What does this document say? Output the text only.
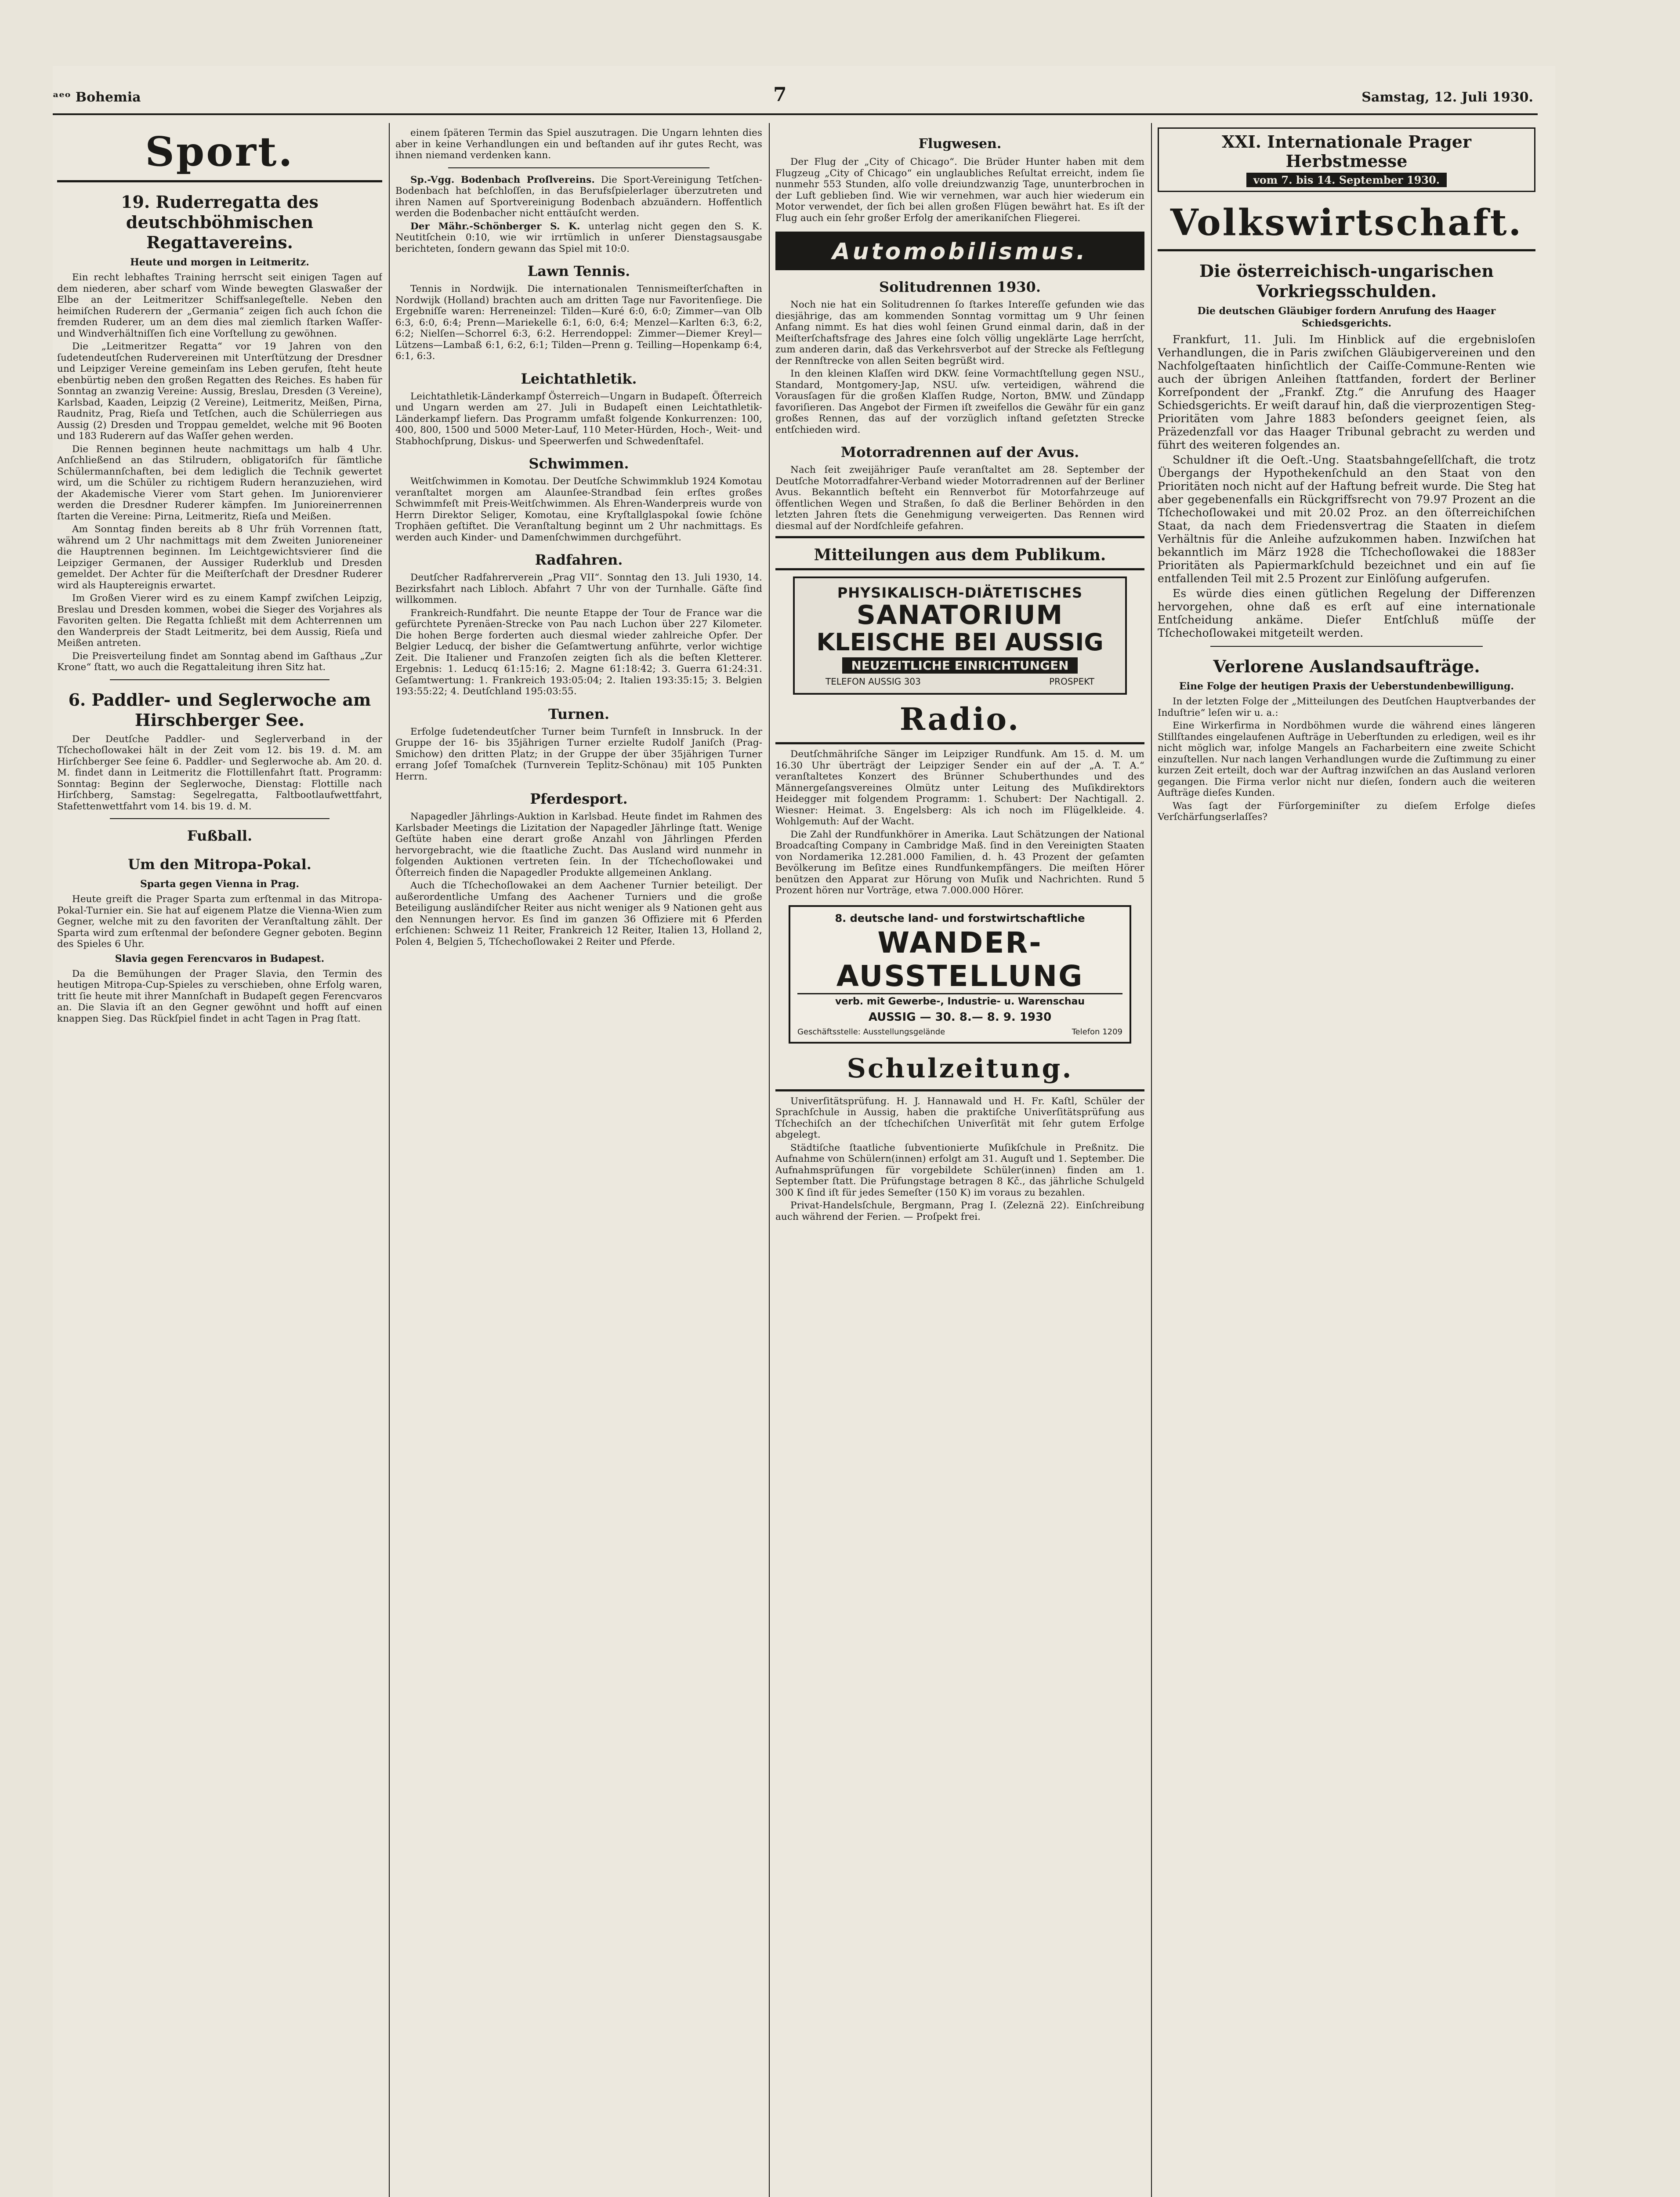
ᵃᵉᵒ Bohemia	7	Samstag, 12. Juli 1930.
Sport.
19. Ruderregatta des deutschböhmischen Regattavereins.
Heute und morgen in Leitmeritz.

Ein recht lebhaftes Training herrscht seit einigen Tagen auf dem niederen, aber scharf vom Winde bewegten Glaswaßer der Elbe an der Leitmeritzer Schiffsanlegeſtelle. Neben den heimiſchen Ruderern der „Germania“ zeigen ſich auch ſchon die fremden Ruderer, um an dem dies mal ziemlich ſtarken Waſſer- und Windverhältniſſen ſich eine Vorſtellung zu gewöhnen.

Die „Leitmeritzer Regatta“ vor 19 Jahren von den ſudetendeutſchen Rudervereinen mit Unterſtützung der Dresdner und Leipziger Vereine gemeinſam ins Leben gerufen, ſteht heute ebenbürtig neben den großen Regatten des Reiches. Es haben für Sonntag an zwanzig Vereine: Aussig, Breslau, Dresden (3 Vereine), Karlsbad, Kaaden, Leipzig (2 Vereine), Leitmeritz, Meißen, Pirna, Raudnitz, Prag, Rieſa und Tetſchen, auch die Schülerriegen aus Aussig (2) Dresden und Troppau gemeldet, welche mit 96 Booten und 183 Ruderern auf das Waſſer gehen werden.

Die Rennen beginnen heute nachmittags um halb 4 Uhr. Anſchließend an das Stilrudern, obligatoriſch für ſämtliche Schülermannſchaften, bei dem lediglich die Technik gewertet wird, um die Schüler zu richtigem Rudern heranzuziehen, wird der Akademische Vierer vom Start gehen. Im Juniorenvierer werden die Dresdner Ruderer kämpfen. Im Junioreinerrennen ſtarten die Vereine: Pirna, Leitmeritz, Rieſa und Meißen.

Am Sonntag finden bereits ab 8 Uhr früh Vorrennen ſtatt, während um 2 Uhr nachmittags mit dem Zweiten Junioreneiner die Hauptrennen beginnen. Im Leichtgewichtsvierer ſind die Leipziger Germanen, der Aussiger Ruderklub und Dresden gemeldet. Der Achter für die Meiſterſchaft der Dresdner Ruderer wird als Hauptereignis erwartet.

Im Großen Vierer wird es zu einem Kampf zwiſchen Leipzig, Breslau und Dresden kommen, wobei die Sieger des Vorjahres als Favoriten gelten. Die Regatta ſchließt mit dem Achterrennen um den Wanderpreis der Stadt Leitmeritz, bei dem Aussig, Rieſa und Meißen antreten.

Die Preisverteilung findet am Sonntag abend im Gaſthaus „Zur Krone“ ſtatt, wo auch die Regattaleitung ihren Sitz hat.

6. Paddler- und Seglerwoche am Hirschberger See.

Der Deutſche Paddler- und Seglerverband in der Tſchechoſlowakei hält in der Zeit vom 12. bis 19. d. M. am Hirſchberger See ſeine 6. Paddler- und Seglerwoche ab. Am 20. d. M. findet dann in Leitmeritz die Flottillenfahrt ſtatt. Programm: Sonntag: Beginn der Seglerwoche, Dienstag: Flottille nach Hirſchberg, Samstag: Segelregatta, Faltbootlaufwettfahrt, Stafettenwettfahrt vom 14. bis 19. d. M.

Fußball.
Um den Mitropa-Pokal.
Sparta gegen Vienna in Prag.

Heute greift die Prager Sparta zum erſtenmal in das Mitropa-Pokal-Turnier ein. Sie hat auf eigenem Platze die Vienna-Wien zum Gegner, welche mit zu den favoriten der Veranſtaltung zählt. Der Sparta wird zum erſtenmal der beſondere Gegner geboten. Beginn des Spieles 6 Uhr.

Slavia gegen Ferencvaros in Budapest.

Da die Bemühungen der Prager Slavia, den Termin des heutigen Mitropa-Cup-Spieles zu verschieben, ohne Erfolg waren, tritt ſie heute mit ihrer Mannſchaft in Budapeſt gegen Ferencvaros an. Die Slavia iſt an den Gegner gewöhnt und hofft auf einen knappen Sieg. Das Rückſpiel findet in acht Tagen in Prag ſtatt.

einem ſpäteren Termin das Spiel auszutragen. Die Ungarn lehnten dies aber in keine Verhandlungen ein und beſtanden auf ihr gutes Recht, was ihnen niemand verdenken kann.

Sp.-Vgg. Bodenbach Proſlvereins. Die Sport-Vereinigung Tetſchen-Bodenbach hat beſchloſſen, in das Berufsſpielerlager überzutreten und ihren Namen auf Sportvereinigung Bodenbach abzuändern. Hoffentlich werden die Bodenbacher nicht enttäuſcht werden.

Der Mähr.-Schönberger S. K. unterlag nicht gegen den S. K. Neutitſchein 0:10, wie wir irrtümlich in unſerer Dienstagsausgabe berichteten, ſondern gewann das Spiel mit 10:0.

Lawn Tennis.

Tennis in Nordwijk. Die internationalen Tennismeiſterſchaften in Nordwijk (Holland) brachten auch am dritten Tage nur Favoritenſiege. Die Ergebniſſe waren: Herreneinzel: Tilden—Kuré 6:0, 6:0; Zimmer—van Olb 6:3, 6:0, 6:4; Prenn—Mariekelle 6:1, 6:0, 6:4; Menzel—Karlten 6:3, 6:2, 6:2; Nielſen—Schorrel 6:3, 6:2. Herrendoppel: Zimmer—Diemer Kreyl—Lützens—Lambaß 6:1, 6:2, 6:1; Tilden—Prenn g. Teilling—Hopenkamp 6:4, 6:1, 6:3.

Leichtathletik.

Leichtathletik-Länderkampf Österreich—Ungarn in Budapeſt. Öſterreich und Ungarn werden am 27. Juli in Budapeſt einen Leichtathletik-Länderkampf liefern. Das Programm umfaßt folgende Konkurrenzen: 100, 400, 800, 1500 und 5000 Meter-Lauf, 110 Meter-Hürden, Hoch-, Weit- und Stabhochſprung, Diskus- und Speerwerfen und Schwedenſtafel.

Schwimmen.

Weitſchwimmen in Komotau. Der Deutſche Schwimmklub 1924 Komotau veranſtaltet morgen am Alaunſee-Strandbad ſein erſtes großes Schwimmfeſt mit Preis-Weitſchwimmen. Als Ehren-Wanderpreis wurde von Herrn Direktor Seliger, Komotau, eine Kryſtallglaspokal ſowie ſchöne Trophäen geſtiftet. Die Veranſtaltung beginnt um 2 Uhr nachmittags. Es werden auch Kinder- und Damenſchwimmen durchgeführt.

Radfahren.

Deutſcher Radfahrerverein „Prag VII“. Sonntag den 13. Juli 1930, 14. Bezirksfahrt nach Libloch. Abfahrt 7 Uhr von der Turnhalle. Gäſte ſind willkommen.

Frankreich-Rundfahrt. Die neunte Etappe der Tour de France war die gefürchtete Pyrenäen-Strecke von Pau nach Luchon über 227 Kilometer. Die hohen Berge forderten auch diesmal wieder zahlreiche Opfer. Der Belgier Leducq, der bisher die Geſamtwertung anführte, verlor wichtige Zeit. Die Italiener und Franzoſen zeigten ſich als die beſten Kletterer. Ergebnis: 1. Leducq 61:15:16; 2. Magne 61:18:42; 3. Guerra 61:24:31. Geſamtwertung: 1. Frankreich 193:05:04; 2. Italien 193:35:15; 3. Belgien 193:55:22; 4. Deutſchland 195:03:55.

Turnen.

Erfolge ſudetendeutſcher Turner beim Turnfeſt in Innsbruck. In der Gruppe der 16- bis 35jährigen Turner erzielte Rudolf Janiſch (Prag-Smichow) den dritten Platz; in der Gruppe der über 35jährigen Turner errang Joſef Tomaſchek (Turnverein Teplitz-Schönau) mit 105 Punkten Herrn.

Pferdesport.

Napagedler Jährlings-Auktion in Karlsbad. Heute findet im Rahmen des Karlsbader Meetings die Lizitation der Napagedler Jährlinge ſtatt. Wenige Geſtüte haben eine derart große Anzahl von Jährlingen Pferden hervorgebracht, wie die ſtaatliche Zucht. Das Ausland wird nunmehr in folgenden Auktionen vertreten ſein. In der Tſchechoſlowakei und Öſterreich finden die Napagedler Produkte allgemeinen Anklang.

Auch die Tſchechoſlowakei an dem Aachener Turnier beteiligt. Der außerordentliche Umfang des Aachener Turniers und die große Beteiligung ausländiſcher Reiter aus nicht weniger als 9 Nationen geht aus den Nennungen hervor. Es ſind im ganzen 36 Offiziere mit 6 Pferden erſchienen: Schweiz 11 Reiter, Frankreich 12 Reiter, Italien 13, Holland 2, Polen 4, Belgien 5, Tſchechoſlowakei 2 Reiter und Pferde.

Flugwesen.

Der Flug der „City of Chicago“. Die Brüder Hunter haben mit dem Flugzeug „City of Chicago“ ein unglaubliches Reſultat erreicht, indem ſie nunmehr 553 Stunden, alſo volle dreiundzwanzig Tage, ununterbrochen in der Luft geblieben ſind. Wie wir vernehmen, war auch hier wiederum ein Motor verwendet, der ſich bei allen großen Flügen bewährt hat. Es iſt der Flug auch ein ſehr großer Erfolg der amerikaniſchen Fliegerei.

Automobilismus.
Solitudrennen 1930.

Noch nie hat ein Solitudrennen ſo ſtarkes Intereſſe gefunden wie das diesjährige, das am kommenden Sonntag vormittag um 9 Uhr ſeinen Anfang nimmt. Es hat dies wohl ſeinen Grund einmal darin, daß in der Meiſterſchaftsfrage des Jahres eine ſolch völlig ungeklärte Lage herrſcht, zum anderen darin, daß das Verkehrsverbot auf der Strecke als Feſtlegung der Rennſtrecke von allen Seiten begrüßt wird.

In den kleinen Klaſſen wird DKW. ſeine Vormachtſtellung gegen NSU., Standard, Montgomery-Jap, NSU. uſw. verteidigen, während die Vorausſagen für die großen Klaſſen Rudge, Norton, BMW. und Zündapp favoriſieren. Das Angebot der Firmen iſt zweifellos die Gewähr für ein ganz großes Rennen, das auf der vorzüglich inſtand geſetzten Strecke entſchieden wird.

Motorradrennen auf der Avus.

Nach ſeit zweijähriger Pauſe veranſtaltet am 28. September der Deutſche Motorradfahrer-Verband wieder Motorradrennen auf der Berliner Avus. Bekanntlich beſteht ein Rennverbot für Motorfahrzeuge auf öffentlichen Wegen und Straßen, ſo daß die Berliner Behörden in den letzten Jahren ſtets die Genehmigung verweigerten. Das Rennen wird diesmal auf der Nordſchleife gefahren.

Mitteilungen aus dem Publikum.
PHYSIKALISCH-DIÄTETISCHES
SANATORIUM
KLEISCHE BEI AUSSIG
NEUZEITLICHE EINRICHTUNGEN
TELEFON AUSSIG 303	PROSPEKT
Radio.

Deutſchmähriſche Sänger im Leipziger Rundfunk. Am 15. d. M. um 16.30 Uhr überträgt der Leipziger Sender ein auf der „A. T. A.“ veranſtaltetes Konzert des Brünner Schuberthundes und des Männergeſangsvereines Olmütz unter Leitung des Muſikdirektors Heidegger mit folgendem Programm: 1. Schubert: Der Nachtigall. 2. Wiesner: Heimat. 3. Engelsberg: Als ich noch im Flügelkleide. 4. Wohlgemuth: Auf der Wacht.

Die Zahl der Rundfunkhörer in Amerika. Laut Schätzungen der National Broadcaſting Company in Cambridge Maß. ſind in den Vereinigten Staaten von Nordamerika 12.281.000 Familien, d. h. 43 Prozent der geſamten Bevölkerung im Beſitze eines Rundfunkempfängers. Die meiſten Hörer benützen den Apparat zur Hörung von Muſik und Nachrichten. Rund 5 Prozent hören nur Vorträge, etwa 7.000.000 Hörer.

8. deutsche land- und forstwirtschaftliche
WANDER-AUSSTELLUNG
verb. mit Gewerbe-, Industrie- u. Warenschau
AUSSIG — 30. 8.— 8. 9. 1930
Geschäftsstelle: Ausstellungsgelände	Telefon 1209
Schulzeitung.

Univerſitätsprüfung. H. J. Hannawald und H. Fr. Kaſtl, Schüler der Sprachſchule in Aussig, haben die praktiſche Univerſitätsprüfung aus Tſchechiſch an der tſchechiſchen Univerſität mit ſehr gutem Erfolge abgelegt.

Städtiſche ſtaatliche ſubventionierte Muſikſchule in Preßnitz. Die Aufnahme von Schülern(innen) erfolgt am 31. Auguſt und 1. September. Die Aufnahmsprüfungen für vorgebildete Schüler(innen) finden am 1. September ſtatt. Die Prüfungstage betragen 8 Kč., das jährliche Schulgeld 300 K ſind iſt für jedes Semeſter (150 K) im voraus zu bezahlen.

Privat-Handelsſchule, Bergmann, Prag I. (Zeleznä 22). Einſchreibung auch während der Ferien. — Proſpekt frei.

XXI. Internationale Prager Herbstmesse
vom 7. bis 14. September 1930.
Volkswirtschaft.
Die österreichisch-ungarischen Vorkriegsschulden.
Die deutschen Gläubiger fordern Anrufung des Haager Schiedsgerichts.

Frankfurt, 11. Juli. Im Hinblick auf die ergebnisloſen Verhandlungen, die in Paris zwiſchen Gläubigervereinen und den Nachfolgeſtaaten hinſichtlich der Caiſſe-Commune-Renten wie auch der übrigen Anleihen ſtattfanden, fordert der Berliner Korreſpondent der „Frankf. Ztg.“ die Anrufung des Haager Schiedsgerichts. Er weiſt darauf hin, daß die vierprozentigen Steg-Prioritäten vom Jahre 1883 beſonders geeignet ſeien, als Präzedenzfall vor das Haager Tribunal gebracht zu werden und führt des weiteren folgendes an.

Schuldner iſt die Oeſt.-Ung. Staatsbahngeſellſchaft, die trotz Übergangs der Hypothekenſchuld an den Staat von den Prioritäten noch nicht auf der Haftung befreit wurde. Die Steg hat aber gegebenenfalls ein Rückgriffsrecht von 79.97 Prozent an die Tſchechoſlowakei und mit 20.02 Proz. an den öſterreichiſchen Staat, da nach dem Friedensvertrag die Staaten in dieſem Verhältnis für die Anleihe aufzukommen haben. Inzwiſchen hat bekanntlich im März 1928 die Tſchechoſlowakei die 1883er Prioritäten als Papiermarkſchuld bezeichnet und ein auf ſie entfallenden Teil mit 2.5 Prozent zur Einlöſung aufgerufen.

Es würde dies einen gütlichen Regelung der Differenzen hervorgehen, ohne daß es erſt auf eine internationale Entſcheidung ankäme. Dieſer Entſchluß müſſe der Tſchechoſlowakei mitgeteilt werden.

Verlorene Auslandsaufträge.
Eine Folge der heutigen Praxis der Ueberstundenbewilligung.

In der letzten Folge der „Mitteilungen des Deutſchen Hauptverbandes der Induſtrie“ leſen wir u. a.:

Eine Wirkerfirma in Nordböhmen wurde die während eines längeren Stillſtandes eingelaufenen Aufträge in Ueberſtunden zu erledigen, weil es ihr nicht möglich war, infolge Mangels an Facharbeitern eine zweite Schicht einzuſtellen. Nur nach langen Verhandlungen wurde die Zuſtimmung zu einer kurzen Zeit erteilt, doch war der Auftrag inzwiſchen an das Ausland verloren gegangen. Die Firma verlor nicht nur dieſen, ſondern auch die weiteren Aufträge dieſes Kunden.

Was ſagt der Fürſorgeminiſter zu dieſem Erfolge dieſes Verſchärfungserlaſſes?
